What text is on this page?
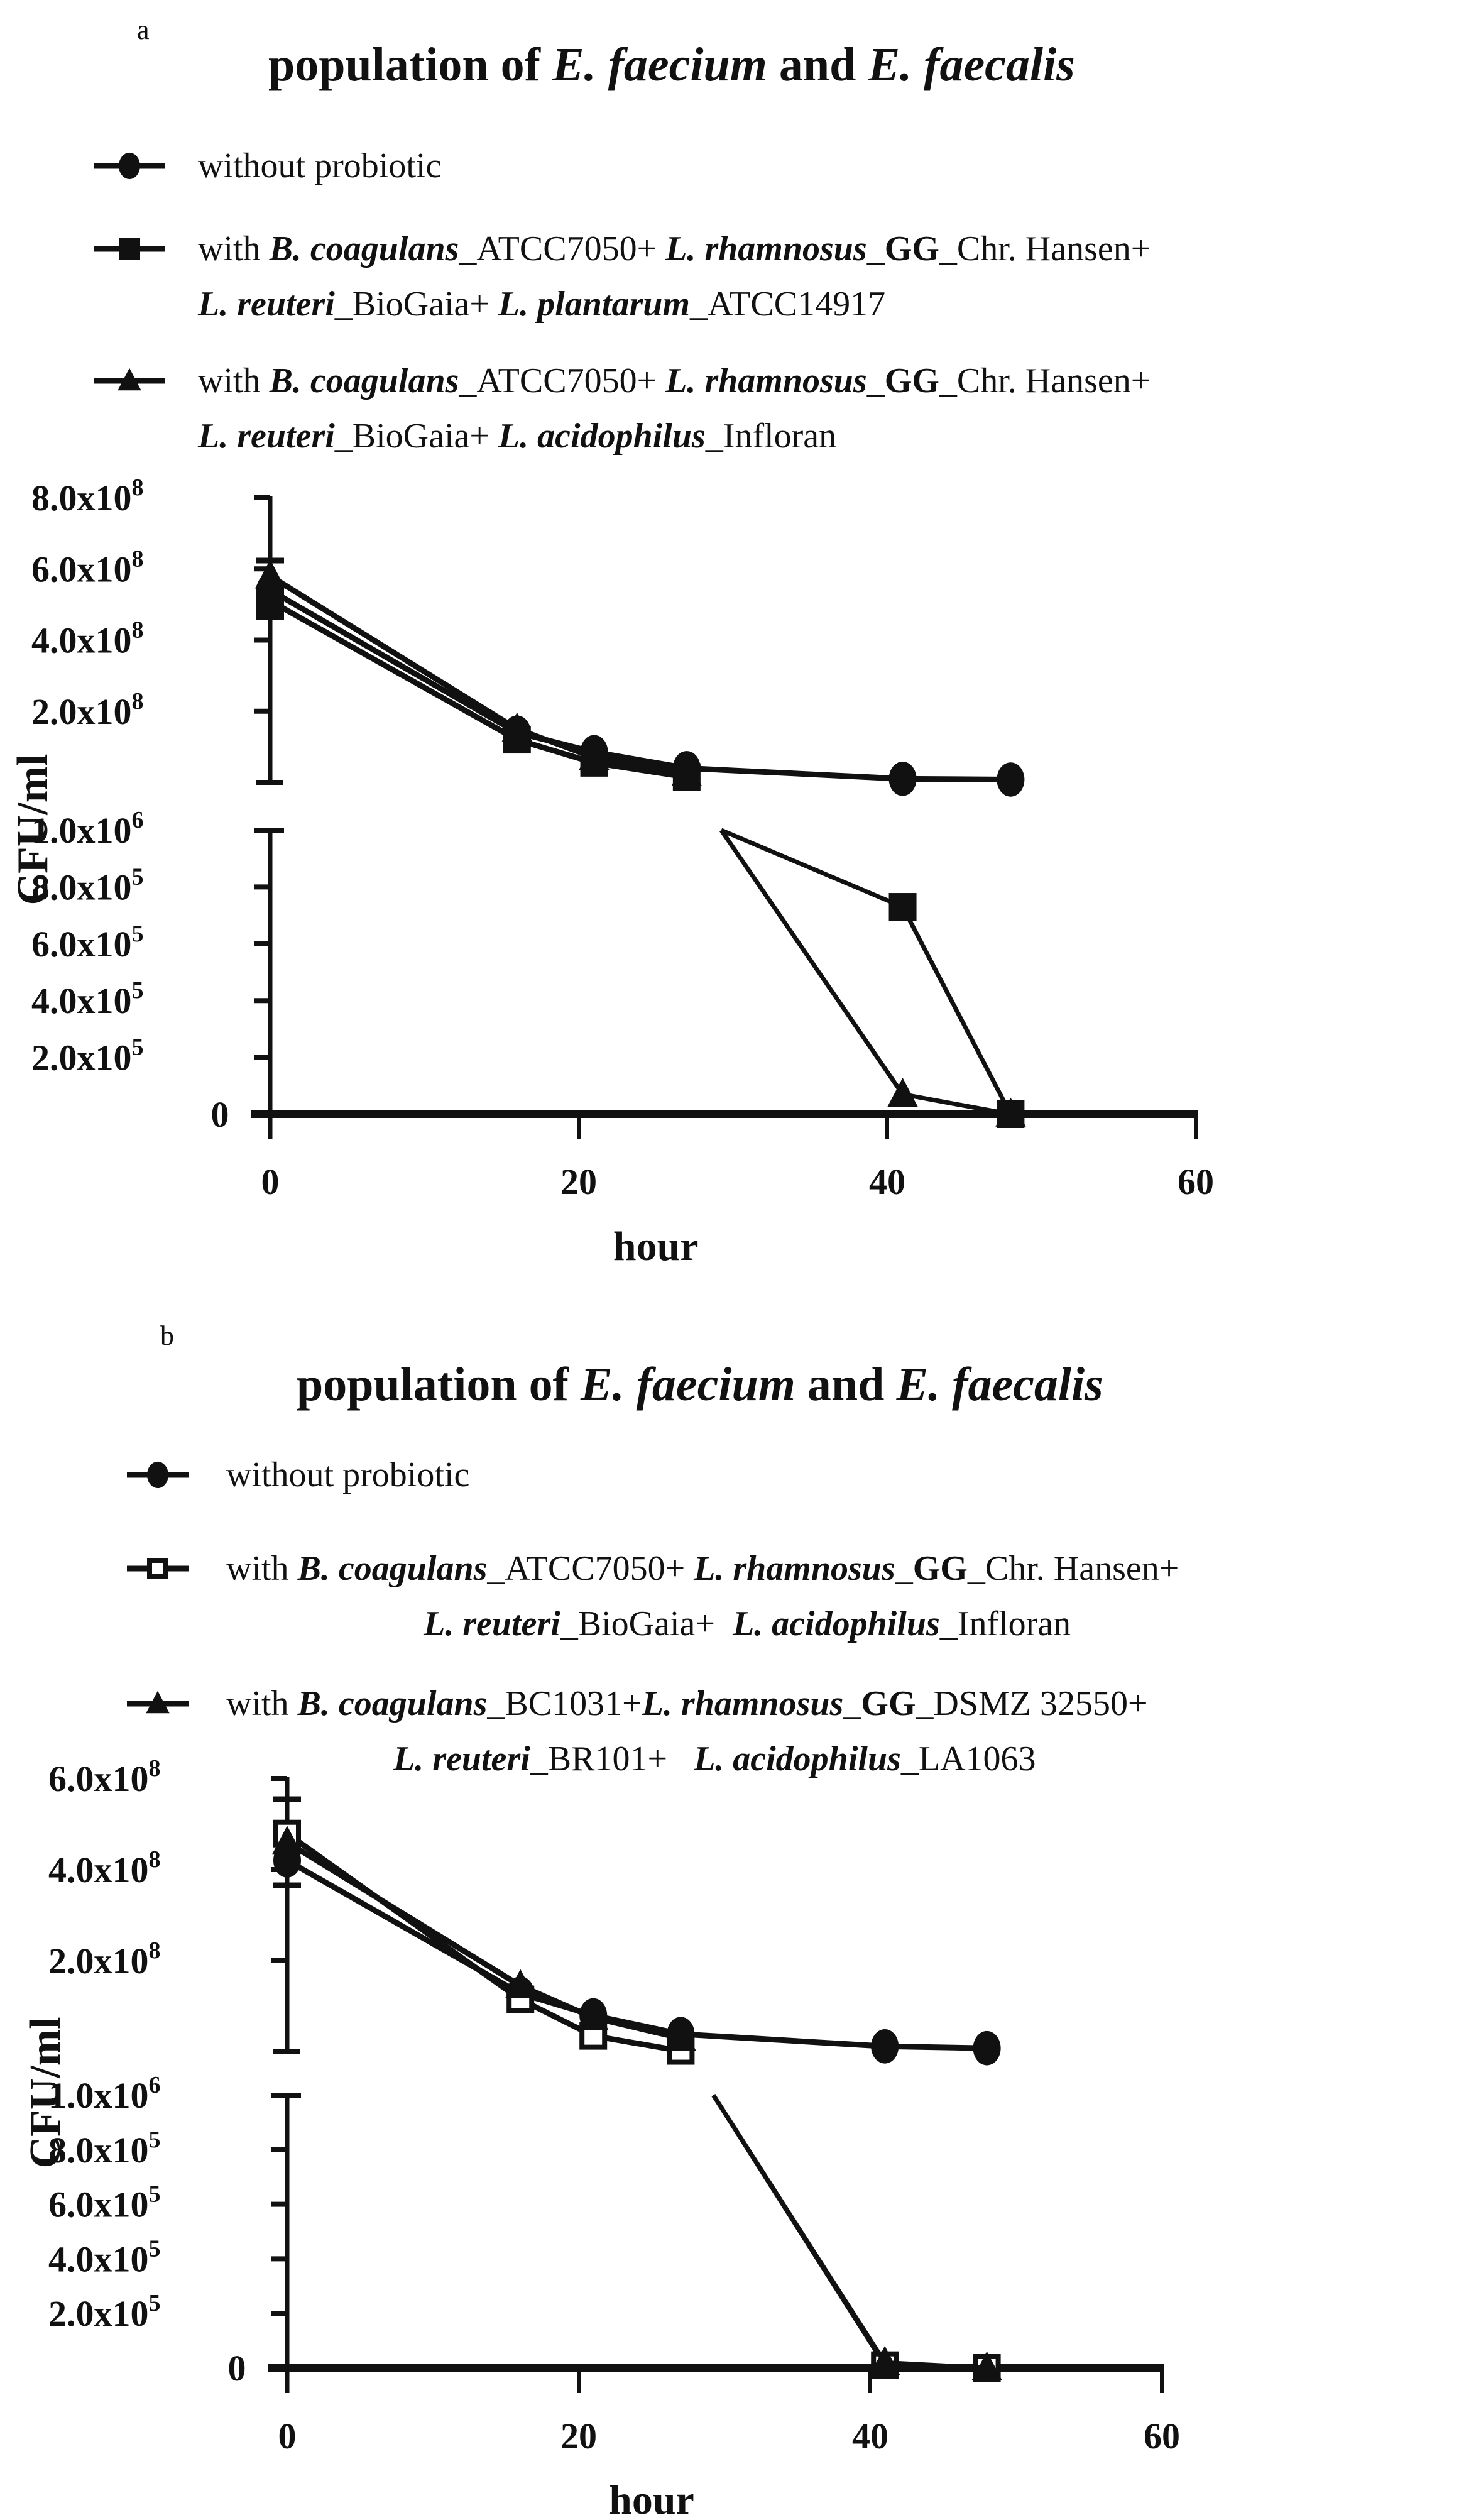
a
population of E. faecium and E. faecalis
without probiotic
with B. coagulans_ATCC7050+ L. rhamnosus_GG_Chr. Hansen+
L. reuteri_BioGaia+ L. plantarum_ATCC14917
with B. coagulans_ATCC7050+ L. rhamnosus_GG_Chr. Hansen+
L. reuteri_BioGaia+ L. acidophilus_Infloran
$2.0x10^8$
$4.0x10^8$
$6.0x10^8$
$8.0x10^8$
0
$2.0x10^5$
$4.0x10^5$
$6.0x10^5$
$8.0x10^5$
$1.0x10^6$
0	20	40	60
hour
CFU/ml
b
population of E. faecium and E. faecalis
without probiotic
with B. coagulans_ATCC7050+ L. rhamnosus_GG_Chr. Hansen+
L. reuteri_BioGaia+  L. acidophilus_Infloran
with B. coagulans_BC1031+L. rhamnosus_GG_DSMZ 32550+
L. reuteri_BR101+   L. acidophilus_LA1063
$2.0x10^8$
$4.0x10^8$
$6.0x10^8$
0
$2.0x10^5$
$4.0x10^5$
$6.0x10^5$
$8.0x10^5$
$1.0x10^6$
0	20	40	60
hour
CFU/ml
